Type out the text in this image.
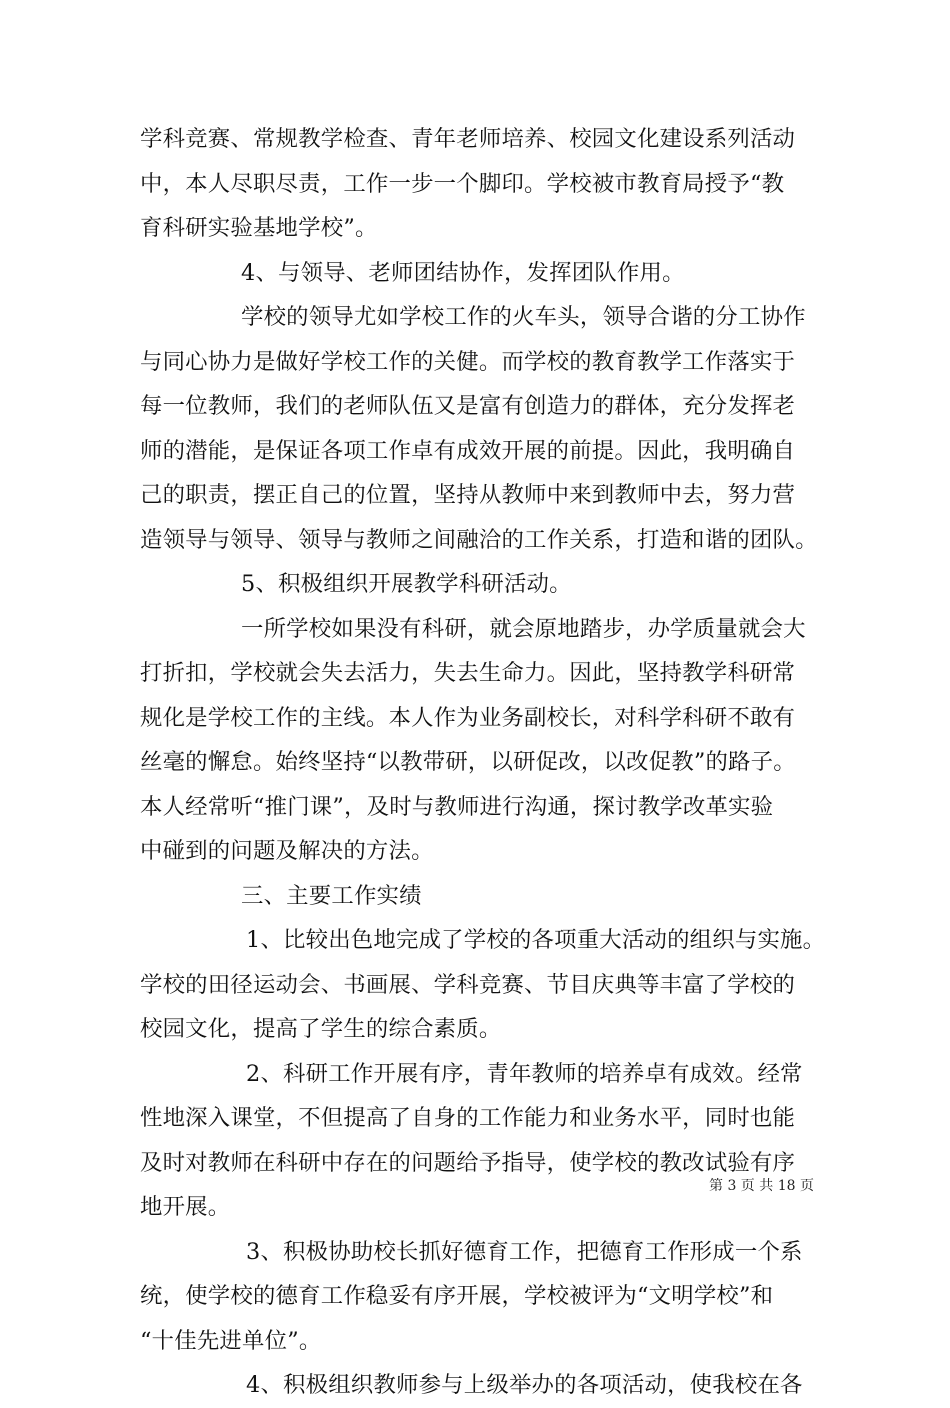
学科竞赛、常规教学检查、青年老师培养、校园文化建设系列活动
中，本人尽职尽责，工作一步一个脚印。学校被市教育局授予“教
育科研实验基地学校”。
4、与领导、老师团结协作，发挥团队作用。
学校的领导尤如学校工作的火车头，领导合谐的分工协作
与同心协力是做好学校工作的关健。而学校的教育教学工作落实于
每一位教师，我们的老师队伍又是富有创造力的群体，充分发挥老
师的潜能，是保证各项工作卓有成效开展的前提。因此，我明确自
己的职责，摆正自己的位置，坚持从教师中来到教师中去，努力营
造领导与领导、领导与教师之间融洽的工作关系，打造和谐的团队。
5、积极组织开展教学科研活动。
一所学校如果没有科研，就会原地踏步，办学质量就会大
打折扣，学校就会失去活力，失去生命力。因此，坚持教学科研常
规化是学校工作的主线。本人作为业务副校长，对科学科研不敢有
丝毫的懈怠。始终坚持“以教带研，以研促改，以改促教”的路子。
本人经常听“推门课”，及时与教师进行沟通，探讨教学改革实验
中碰到的问题及解决的方法。
三、主要工作实绩
1、比较出色地完成了学校的各项重大活动的组织与实施。
学校的田径运动会、书画展、学科竞赛、节目庆典等丰富了学校的
校园文化，提高了学生的综合素质。
2、科研工作开展有序，青年教师的培养卓有成效。经常
性地深入课堂，不但提高了自身的工作能力和业务水平，同时也能
及时对教师在科研中存在的问题给予指导，使学校的教改试验有序
地开展。
3、积极协助校长抓好德育工作，把德育工作形成一个系
统，使学校的德育工作稳妥有序开展，学校被评为“文明学校”和
“十佳先进单位”。
4、积极组织教师参与上级举办的各项活动，使我校在各
第 3 页 共 18 页
